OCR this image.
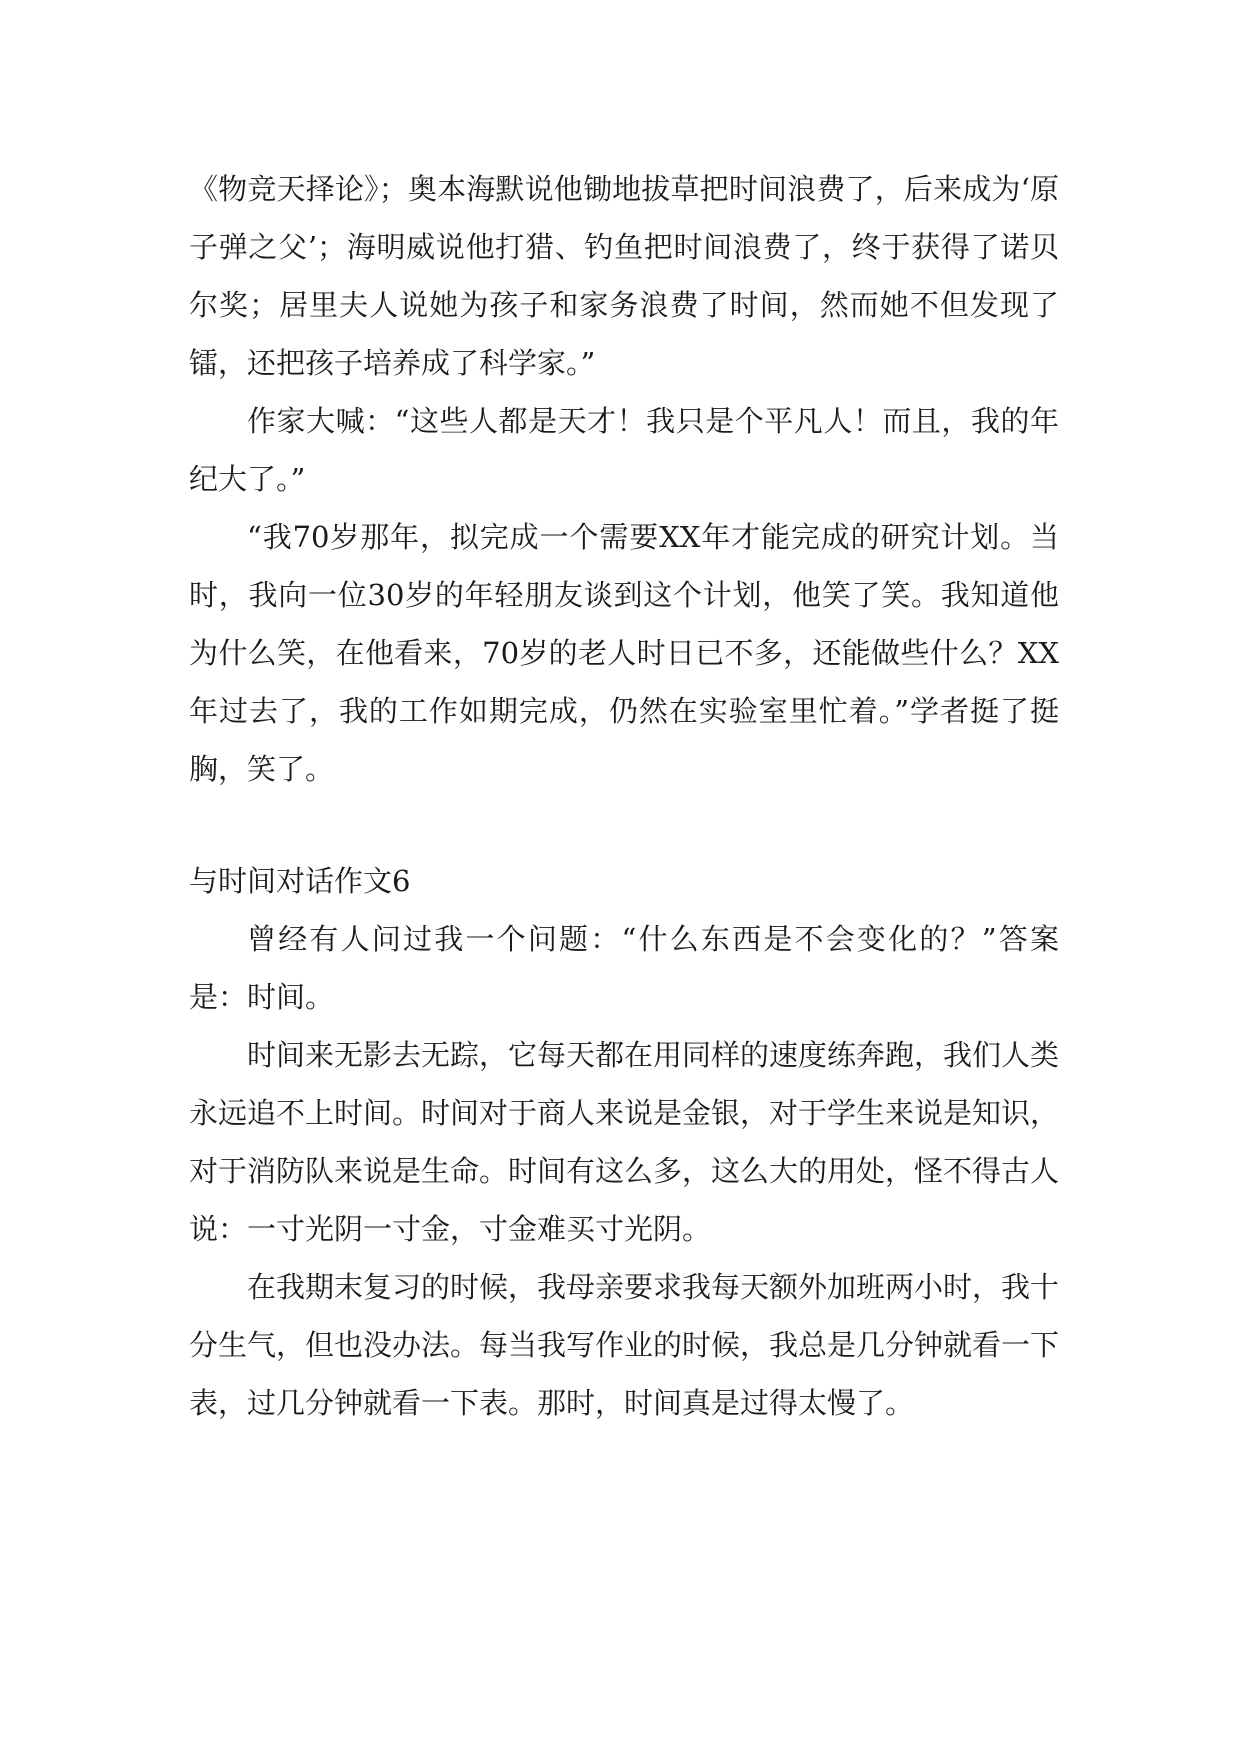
《物竞天择论》；奥本海默说他锄地拔草把时间浪费了，后来成为‘原子弹之父’；海明威说他打猎、钓鱼把时间浪费了，终于获得了诺贝尔奖；居里夫人说她为孩子和家务浪费了时间，然而她不但发现了镭，还把孩子培养成了科学家。”

作家大喊：“这些人都是天才！我只是个平凡人！而且，我的年纪大了。”

“我70岁那年，拟完成一个需要XX年才能完成的研究计划。当时，我向一位30岁的年轻朋友谈到这个计划，他笑了笑。我知道他为什么笑，在他看来，70岁的老人时日已不多，还能做些什么？XX年过去了，我的工作如期完成，仍然在实验室里忙着。”学者挺了挺胸，笑了。

与时间对话作文6

曾经有人问过我一个问题：“什么东西是不会变化的？”答案是：时间。

时间来无影去无踪，它每天都在用同样的速度练奔跑，我们人类永远追不上时间。时间对于商人来说是金银，对于学生来说是知识，对于消防队来说是生命。时间有这么多，这么大的用处，怪不得古人说：一寸光阴一寸金，寸金难买寸光阴。

在我期末复习的时候，我母亲要求我每天额外加班两小时，我十分生气，但也没办法。每当我写作业的时候，我总是几分钟就看一下表，过几分钟就看一下表。那时，时间真是过得太慢了。
